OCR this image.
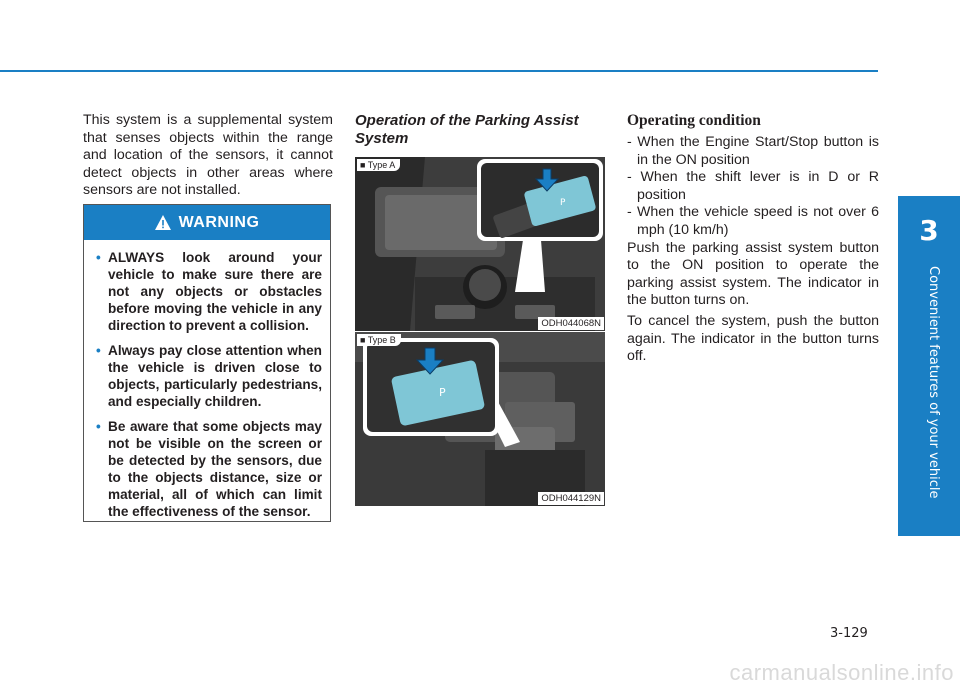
3
Convenient features of your vehicle

This system is a supplemental system that senses objects within the range and location of the sensors, it cannot detect objects in other areas where sensors are not installed.

WARNING
• ALWAYS look around your vehicle to make sure there are not any objects or obstacles before moving the vehicle in any direction to prevent a collision.
• Always pay close attention when the vehicle is driven close to objects, particularly pedestrians, and especially children.
• Be aware that some objects may not be visible on the screen or be detected by the sensors, due to the objects distance, size or material, all of which can limit the effectiveness of the sensor.
Operation of the Parking Assist System
P
■ Type A
ODH044068N
P
■ Type B
ODH044129N
Operating condition
- When the Engine Start/Stop button is in the ON position
- When the shift lever is in D or R position
- When the vehicle speed is not over 6 mph (10 km/h)

Push the parking assist system button to the ON position to operate the parking assist system. The indicator in the button turns on.

To cancel the system, push the button again. The indicator in the button turns off.

3-129
carmanualsonline.info
